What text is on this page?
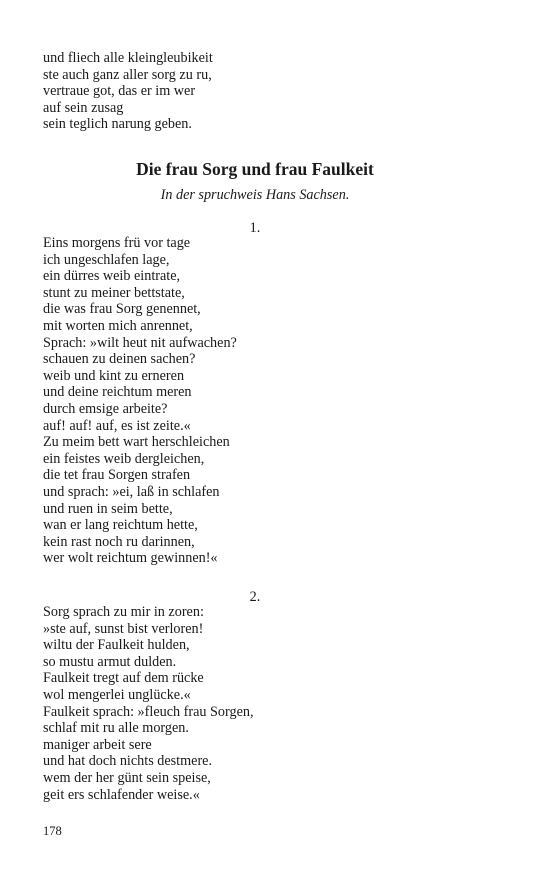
und fliech alle kleingleubikeit
ste auch ganz aller sorg zu ru,
vertraue got, das er im wer
auf sein zusag
sein teglich narung geben.
Die frau Sorg und frau Faulkeit
In der spruchweis Hans Sachsen.
1.
Eins morgens frü vor tage
ich ungeschlafen lage,
ein dürres weib eintrate,
stunt zu meiner bettstate,
die was frau Sorg genennet,
mit worten mich anrennet,
Sprach: »wilt heut nit aufwachen?
schauen zu deinen sachen?
weib und kint zu erneren
und deine reichtum meren
durch emsige arbeite?
auf! auf! auf, es ist zeite.«
Zu meim bett wart herschleichen
ein feistes weib dergleichen,
die tet frau Sorgen strafen
und sprach: »ei, laß in schlafen
und ruen in seim bette,
wan er lang reichtum hette,
kein rast noch ru darinnen,
wer wolt reichtum gewinnen!«
2.
Sorg sprach zu mir in zoren:
»ste auf, sunst bist verloren!
wiltu der Faulkeit hulden,
so mustu armut dulden.
Faulkeit tregt auf dem rücke
wol mengerlei unglücke.«
Faulkeit sprach: »fleuch frau Sorgen,
schlaf mit ru alle morgen.
maniger arbeit sere
und hat doch nichts destmere.
wem der her günt sein speise,
geit ers schlafender weise.«
178
